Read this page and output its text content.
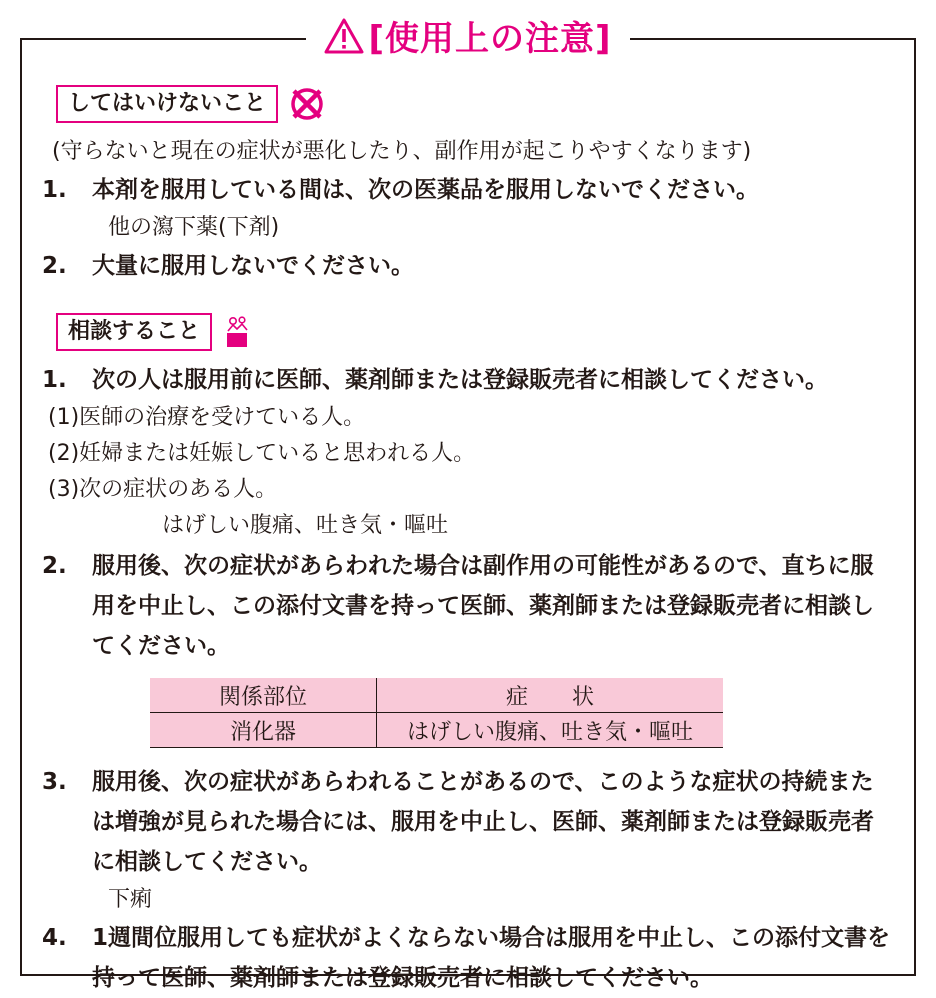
[使用上の注意]
してはいけないこと
(守らないと現在の症状が悪化したり、副作用が起こりやすくなります)
1.	本剤を服用している間は、次の医薬品を服用しないでください。
他の瀉下薬(下剤)
2.	大量に服用しないでください。
相談すること
1.	次の人は服用前に医師、薬剤師または登録販売者に相談してください。
(1)医師の治療を受けている人。
(2)妊婦または妊娠していると思われる人。
(3)次の症状のある人。
はげしい腹痛、吐き気・嘔吐
2.	服用後、次の症状があらわれた場合は副作用の可能性があるので、直ちに服用を中止し、この添付文書を持って医師、薬剤師または登録販売者に相談してください。
関係部位	症　　状
消化器	はげしい腹痛、吐き気・嘔吐
3.	服用後、次の症状があらわれることがあるので、このような症状の持続または増強が見られた場合には、服用を中止し、医師、薬剤師または登録販売者に相談してください。
下痢
4.	1週間位服用しても症状がよくならない場合は服用を中止し、この添付文書を持って医師、薬剤師または登録販売者に相談してください。
